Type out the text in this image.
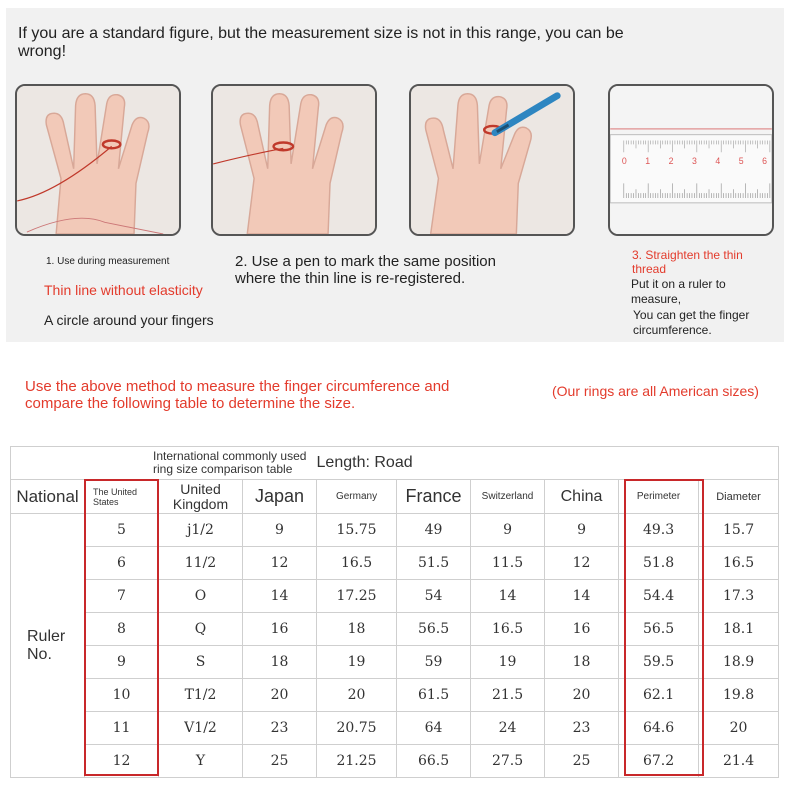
If you are a standard figure, but the measurement size is not in this range, you can be wrong!
0 1 2 3 4 5 6
1. Use during measurement
Thin line without elasticity
A circle around your fingers
2. Use a pen to mark the same position where the thin line is re-registered.
3. Straighten the thin thread
Put it on a ruler to measure,
You can get the finger circumference.
Use the above method to measure the finger circumference and compare the following table to determine the size.
(Our rings are all American sizes)
International commonly used ring size comparison table				Length: Road					
National	The United States	United Kingdom	Japan	Germany	France	Switzerland	China	Perimeter	Diameter
Ruler No.	5	j1/2	9	15.75	49	9	9	49.3	15.7
	6	11/2	12	16.5	51.5	11.5	12	51.8	16.5
	7	O	14	17.25	54	14	14	54.4	17.3
	8	Q	16	18	56.5	16.5	16	56.5	18.1
	9	S	18	19	59	19	18	59.5	18.9
	10	T1/2	20	20	61.5	21.5	20	62.1	19.8
	11	V1/2	23	20.75	64	24	23	64.6	20
	12	Y	25	21.25	66.5	27.5	25	67.2	21.4
